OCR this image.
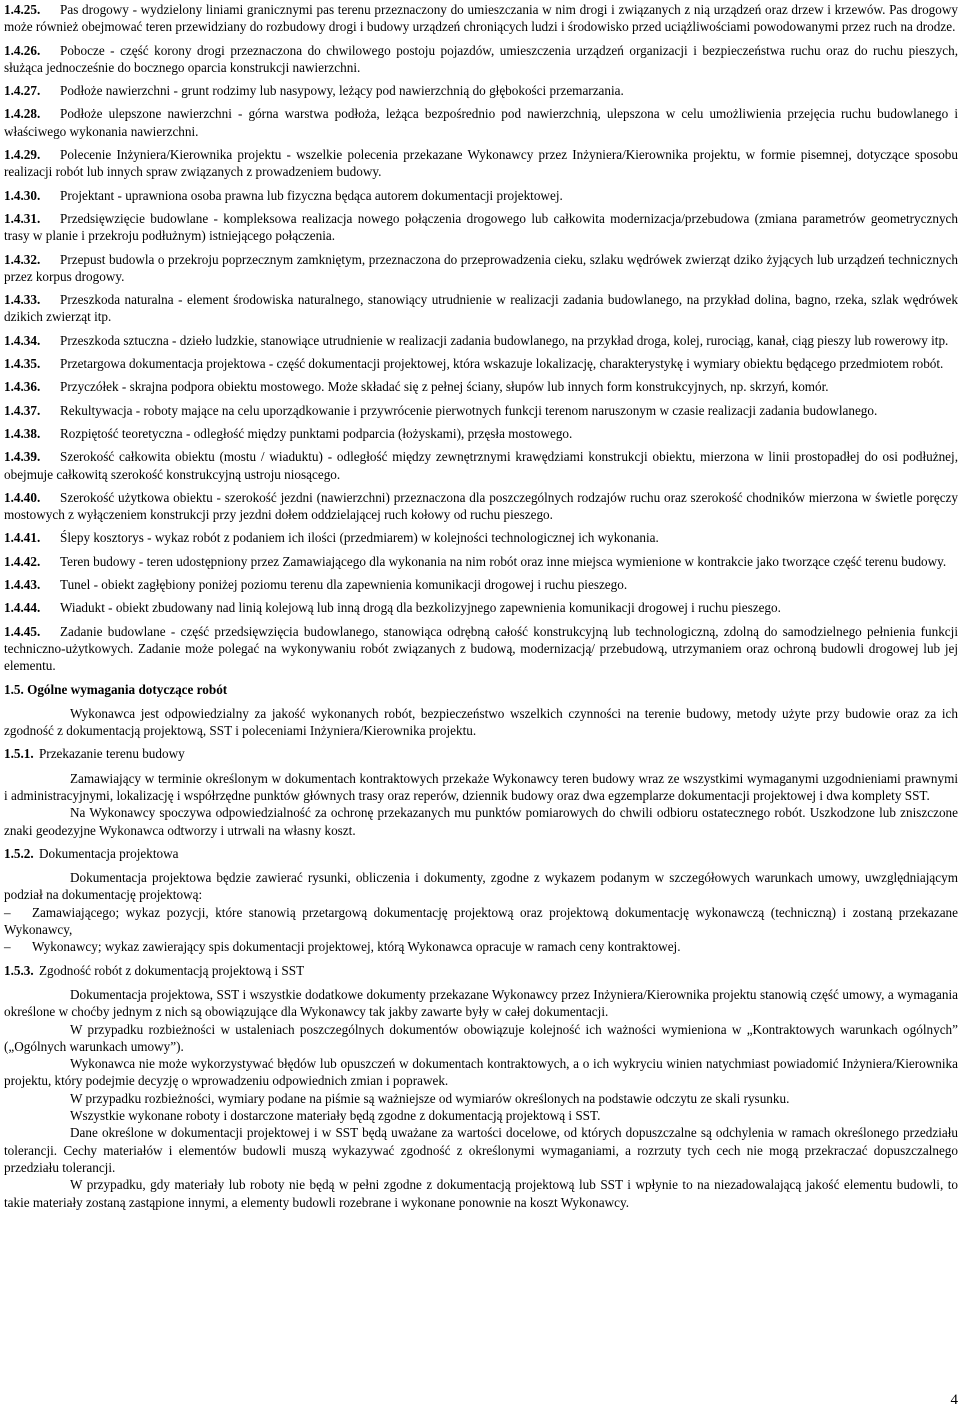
1.4.25. Pas drogowy - wydzielony liniami granicznymi pas terenu przeznaczony do umieszczania w nim drogi i związanych z nią urządzeń oraz drzew i krzewów. Pas drogowy może również obejmować teren przewidziany do rozbudowy drogi i budowy urządzeń chroniących ludzi i środowisko przed uciążliwościami powodowanymi przez ruch na drodze.

1.4.26. Pobocze - część korony drogi przeznaczona do chwilowego postoju pojazdów, umieszczenia urządzeń organizacji i bezpieczeństwa ruchu oraz do ruchu pieszych, służąca jednocześnie do bocznego oparcia konstrukcji nawierzchni.

1.4.27. Podłoże nawierzchni - grunt rodzimy lub nasypowy, leżący pod nawierzchnią do głębokości przemarzania.

1.4.28. Podłoże ulepszone nawierzchni - górna warstwa podłoża, leżąca bezpośrednio pod nawierzchnią, ulepszona w celu umożliwienia przejęcia ruchu budowlanego i właściwego wykonania nawierzchni.

1.4.29. Polecenie Inżyniera/Kierownika projektu - wszelkie polecenia przekazane Wykonawcy przez Inżyniera/Kierownika projektu, w formie pisemnej, dotyczące sposobu realizacji robót lub innych spraw związanych z prowadzeniem budowy.

1.4.30. Projektant - uprawniona osoba prawna lub fizyczna będąca autorem dokumentacji projektowej.

1.4.31. Przedsięwzięcie budowlane - kompleksowa realizacja nowego połączenia drogowego lub całkowita modernizacja/przebudowa (zmiana parametrów geometrycznych trasy w planie i przekroju podłużnym) istniejącego połączenia.

1.4.32. Przepust budowla o przekroju poprzecznym zamkniętym, przeznaczona do przeprowadzenia cieku, szlaku wędrówek zwierząt dziko żyjących lub urządzeń technicznych przez korpus drogowy.

1.4.33. Przeszkoda naturalna - element środowiska naturalnego, stanowiący utrudnienie w realizacji zadania budowlanego, na przykład dolina, bagno, rzeka, szlak wędrówek dzikich zwierząt itp.

1.4.34. Przeszkoda sztuczna - dzieło ludzkie, stanowiące utrudnienie w realizacji zadania budowlanego, na przykład droga, kolej, rurociąg, kanał, ciąg pieszy lub rowerowy itp.

1.4.35. Przetargowa dokumentacja projektowa - część dokumentacji projektowej, która wskazuje lokalizację, charakterystykę i wymiary obiektu będącego przedmiotem robót.

1.4.36. Przyczółek - skrajna podpora obiektu mostowego. Może składać się z pełnej ściany, słupów lub innych form konstrukcyjnych, np. skrzyń, komór.

1.4.37. Rekultywacja - roboty mające na celu uporządkowanie i przywrócenie pierwotnych funkcji terenom naruszonym w czasie realizacji zadania budowlanego.

1.4.38. Rozpiętość teoretyczna - odległość między punktami podparcia (łożyskami), przęsła mostowego.

1.4.39. Szerokość całkowita obiektu (mostu / wiaduktu) - odległość między zewnętrznymi krawędziami konstrukcji obiektu, mierzona w linii prostopadłej do osi podłużnej, obejmuje całkowitą szerokość konstrukcyjną ustroju niosącego.

1.4.40. Szerokość użytkowa obiektu - szerokość jezdni (nawierzchni) przeznaczona dla poszczególnych rodzajów ruchu oraz szerokość chodników mierzona w świetle poręczy mostowych z wyłączeniem konstrukcji przy jezdni dołem oddzielającej ruch kołowy od ruchu pieszego.

1.4.41. Ślepy kosztorys - wykaz robót z podaniem ich ilości (przedmiarem) w kolejności technologicznej ich wykonania.

1.4.42. Teren budowy - teren udostępniony przez Zamawiającego dla wykonania na nim robót oraz inne miejsca wymienione w kontrakcie jako tworzące część terenu budowy.

1.4.43. Tunel - obiekt zagłębiony poniżej poziomu terenu dla zapewnienia komunikacji drogowej i ruchu pieszego.

1.4.44. Wiadukt - obiekt zbudowany nad linią kolejową lub inną drogą dla bezkolizyjnego zapewnienia komunikacji drogowej i ruchu pieszego.

1.4.45. Zadanie budowlane - część przedsięwzięcia budowlanego, stanowiąca odrębną całość konstrukcyjną lub technologiczną, zdolną do samodzielnego pełnienia funkcji techniczno-użytkowych. Zadanie może polegać na wykonywaniu robót związanych z budową, modernizacją/ przebudową, utrzymaniem oraz ochroną budowli drogowej lub jej elementu.

1.5. Ogólne wymagania dotyczące robót

Wykonawca jest odpowiedzialny za jakość wykonanych robót, bezpieczeństwo wszelkich czynności na terenie budowy, metody użyte przy budowie oraz za ich zgodność z dokumentacją projektową, SST i poleceniami Inżyniera/Kierownika projektu.

1.5.1. Przekazanie terenu budowy

Zamawiający w terminie określonym w dokumentach kontraktowych przekaże Wykonawcy teren budowy wraz ze wszystkimi wymaganymi uzgodnieniami prawnymi i administracyjnymi, lokalizację i współrzędne punktów głównych trasy oraz reperów, dziennik budowy oraz dwa egzemplarze dokumentacji projektowej i dwa komplety SST.

Na Wykonawcy spoczywa odpowiedzialność za ochronę przekazanych mu punktów pomiarowych do chwili odbioru ostatecznego robót. Uszkodzone lub zniszczone znaki geodezyjne Wykonawca odtworzy i utrwali na własny koszt.

1.5.2. Dokumentacja projektowa

Dokumentacja projektowa będzie zawierać rysunki, obliczenia i dokumenty, zgodne z wykazem podanym w szczegółowych warunkach umowy, uwzględniającym podział na dokumentację projektową:

– Zamawiającego; wykaz pozycji, które stanowią przetargową dokumentację projektową oraz projektową dokumentację wykonawczą (techniczną) i zostaną przekazane Wykonawcy,

– Wykonawcy; wykaz zawierający spis dokumentacji projektowej, którą Wykonawca opracuje w ramach ceny kontraktowej.

1.5.3. Zgodność robót z dokumentacją projektową i SST

Dokumentacja projektowa, SST i wszystkie dodatkowe dokumenty przekazane Wykonawcy przez Inżyniera/Kierownika projektu stanowią część umowy, a wymagania określone w choćby jednym z nich są obowiązujące dla Wykonawcy tak jakby zawarte były w całej dokumentacji.

W przypadku rozbieżności w ustaleniach poszczególnych dokumentów obowiązuje kolejność ich ważności wymieniona w „Kontraktowych warunkach ogólnych” („Ogólnych warunkach umowy”).

Wykonawca nie może wykorzystywać błędów lub opuszczeń w dokumentach kontraktowych, a o ich wykryciu winien natychmiast powiadomić Inżyniera/Kierownika projektu, który podejmie decyzję o wprowadzeniu odpowiednich zmian i poprawek.

W przypadku rozbieżności, wymiary podane na piśmie są ważniejsze od wymiarów określonych na podstawie odczytu ze skali rysunku.

Wszystkie wykonane roboty i dostarczone materiały będą zgodne z dokumentacją projektową i SST.

Dane określone w dokumentacji projektowej i w SST będą uważane za wartości docelowe, od których dopuszczalne są odchylenia w ramach określonego przedziału tolerancji. Cechy materiałów i elementów budowli muszą wykazywać zgodność z określonymi wymaganiami, a rozrzuty tych cech nie mogą przekraczać dopuszczalnego przedziału tolerancji.

W przypadku, gdy materiały lub roboty nie będą w pełni zgodne z dokumentacją projektową lub SST i wpłynie to na niezadowalającą jakość elementu budowli, to takie materiały zostaną zastąpione innymi, a elementy budowli rozebrane i wykonane ponownie na koszt Wykonawcy.

4
